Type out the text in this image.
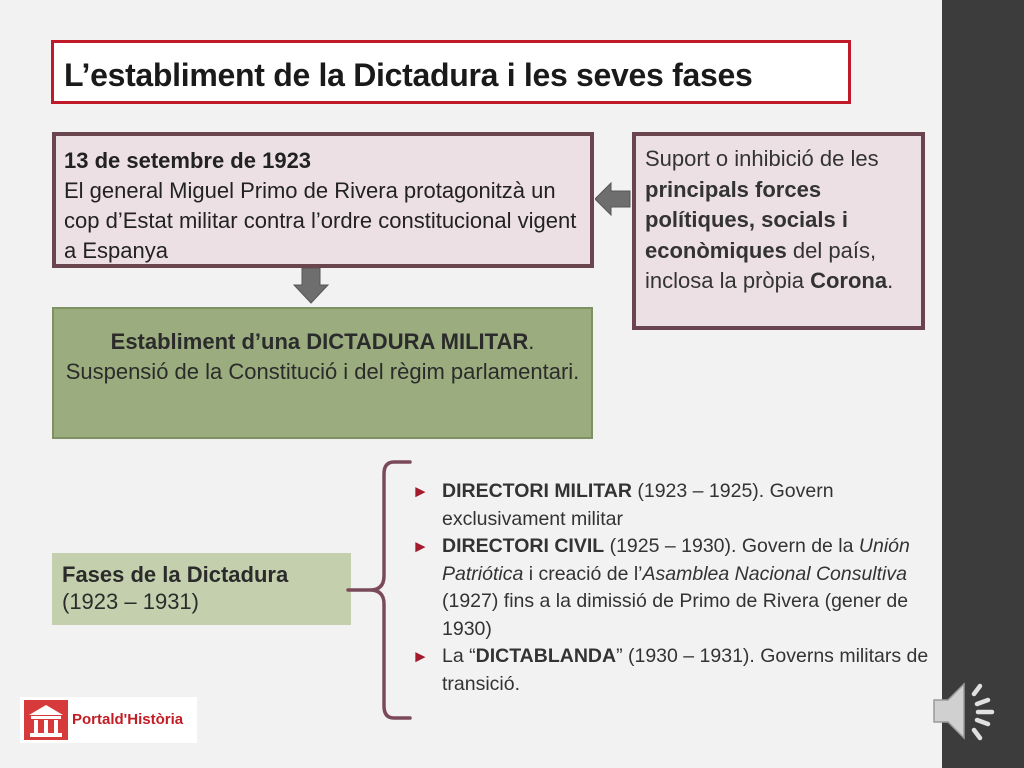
L’establiment de la Dictadura i les seves fases
13 de setembre de 1923
El general Miguel Primo de Rivera protagonitzà un cop d’Estat militar contra l’ordre constitucional vigent a Espanya
Suport o inhibició de les principals forces polítiques, socials i econòmiques del país, inclosa la pròpia Corona.
Establiment d’una DICTADURA MILITAR.
Suspensió de la Constitució i del règim parlamentari.
Fases de la Dictadura
(1923 – 1931)
► DIRECTORI MILITAR (1923 – 1925). Govern exclusivament militar
► DIRECTORI CIVIL (1925 – 1930). Govern de la Unión Patriótica i creació de l’Asamblea Nacional Consultiva (1927) fins a la dimissió de Primo de Rivera (gener de 1930)
► La “DICTABLANDA” (1930 – 1931). Governs militars de transició.
Portald'Història
